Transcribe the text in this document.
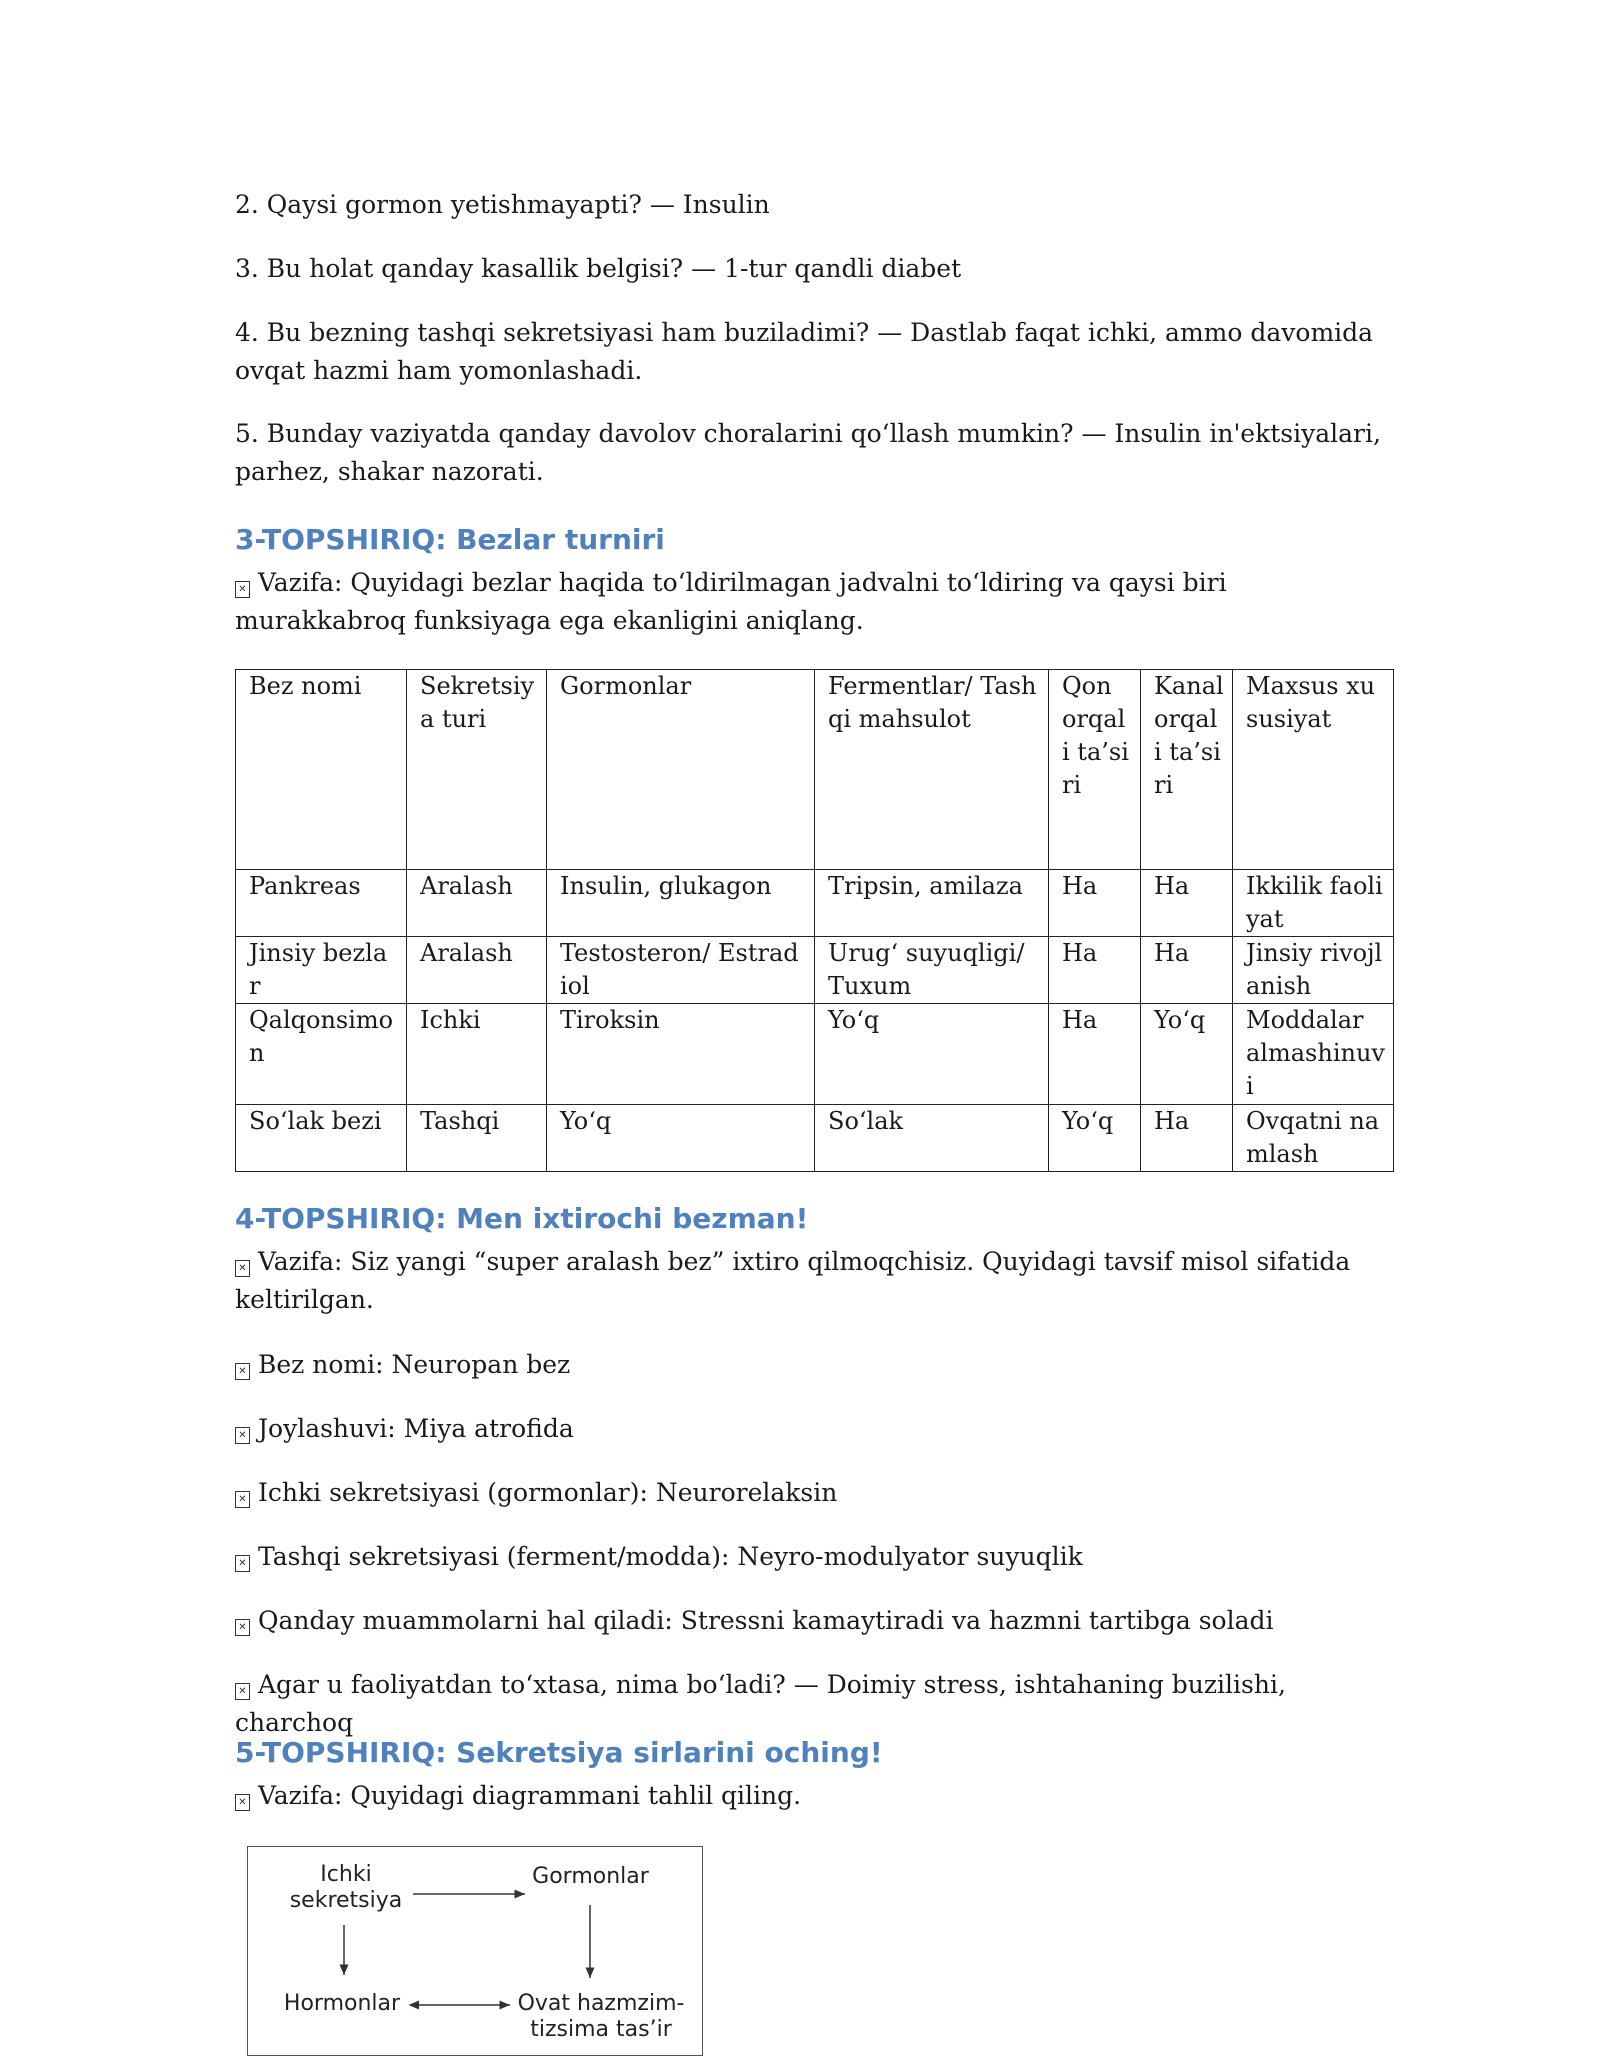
2. Qaysi gormon yetishmayapti? — Insulin

3. Bu holat qanday kasallik belgisi? — 1-tur qandli diabet

4. Bu bezning tashqi sekretsiyasi ham buziladimi? — Dastlab faqat ichki, ammo davomida ovqat hazmi ham yomonlashadi.

5. Bunday vaziyatda qanday davolov choralarini qoʻllash mumkin? — Insulin in'ektsiyalari, parhez, shakar nazorati.

3-TOPSHIRIQ: Bezlar turniri

✕ Vazifa: Quyidagi bezlar haqida toʻldirilmagan jadvalni toʻldiring va qaysi biri murakkabroq funksiyaga ega ekanligini aniqlang.

Bez nomi	Sekretsiya turi	Gormonlar	Fermentlar/ Tashqi mahsulot	Qon orqali ta’siri	Kanal orqali ta’siri	Maxsus xususiyat
Pankreas	Aralash	Insulin, glukagon	Tripsin, amilaza	Ha	Ha	Ikkilik faoliyat
Jinsiy bezlar	Aralash	Testosteron/ Estradiol	Urugʻ suyuqligi/Tuxum	Ha	Ha	Jinsiy rivojlanish
Qalqonsimon	Ichki	Tiroksin	Yoʻq	Ha	Yoʻq	Moddalar almashinuvi
Soʻlak bezi	Tashqi	Yoʻq	Soʻlak	Yoʻq	Ha	Ovqatni namlash
4-TOPSHIRIQ: Men ixtirochi bezman!

✕ Vazifa: Siz yangi “super aralash bez” ixtiro qilmoqchisiz. Quyidagi tavsif misol sifatida keltirilgan.

✕ Bez nomi: Neuropan bez

✕ Joylashuvi: Miya atrofida

✕ Ichki sekretsiyasi (gormonlar): Neurorelaksin

✕ Tashqi sekretsiyasi (ferment/modda): Neyro-modulyator suyuqlik

✕ Qanday muammolarni hal qiladi: Stressni kamaytiradi va hazmni tartibga soladi

✕ Agar u faoliyatdan toʻxtasa, nima boʻladi? — Doimiy stress, ishtahaning buzilishi, charchoq

5-TOPSHIRIQ: Sekretsiya sirlarini oching!

✕ Vazifa: Quyidagi diagrammani tahlil qiling.

Ichki
sekretsiya
Gormonlar
Hormonlar	Ovat hazmzim-
tizsima tas’ir
